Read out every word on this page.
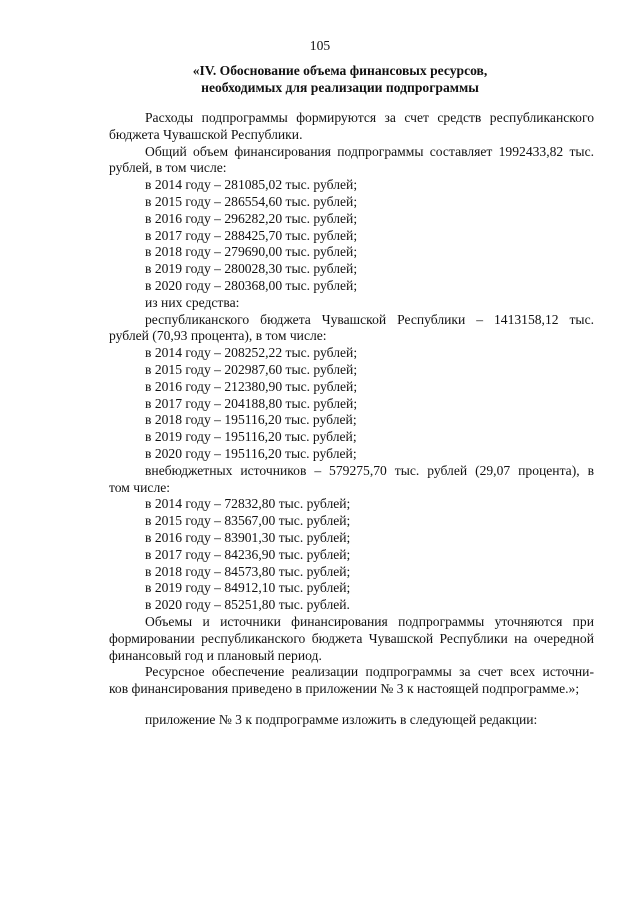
105
«IV. Обоснование объема финансовых ресурсов,
необходимых для реализации подпрограммы
Расходы подпрограммы формируются за счет средств республиканского
бюджета Чувашской Республики.
Общий объем финансирования подпрограммы составляет 1992433,82 тыс.
рублей, в том числе:
в 2014 году – 281085,02 тыс. рублей;
в 2015 году – 286554,60 тыс. рублей;
в 2016 году – 296282,20 тыс. рублей;
в 2017 году – 288425,70 тыс. рублей;
в 2018 году – 279690,00 тыс. рублей;
в 2019 году – 280028,30 тыс. рублей;
в 2020 году – 280368,00 тыс. рублей;
из них средства:
республиканского бюджета Чувашской Республики – 1413158,12 тыс.
рублей (70,93 процента), в том числе:
в 2014 году – 208252,22 тыс. рублей;
в 2015 году – 202987,60 тыс. рублей;
в 2016 году – 212380,90 тыс. рублей;
в 2017 году – 204188,80 тыс. рублей;
в 2018 году – 195116,20 тыс. рублей;
в 2019 году – 195116,20 тыс. рублей;
в 2020 году – 195116,20 тыс. рублей;
внебюджетных источников – 579275,70 тыс. рублей (29,07 процента), в
том числе:
в 2014 году – 72832,80 тыс. рублей;
в 2015 году – 83567,00 тыс. рублей;
в 2016 году – 83901,30 тыс. рублей;
в 2017 году – 84236,90 тыс. рублей;
в 2018 году – 84573,80 тыс. рублей;
в 2019 году – 84912,10 тыс. рублей;
в 2020 году – 85251,80 тыс. рублей.
Объемы и источники финансирования подпрограммы уточняются при
формировании республиканского бюджета Чувашской Республики на очередной
финансовый год и плановый период.
Ресурсное обеспечение реализации подпрограммы за счет всех источни-
ков финансирования приведено в приложении № 3 к настоящей подпрограмме.»;
приложение № 3 к подпрограмме изложить в следующей редакции:
